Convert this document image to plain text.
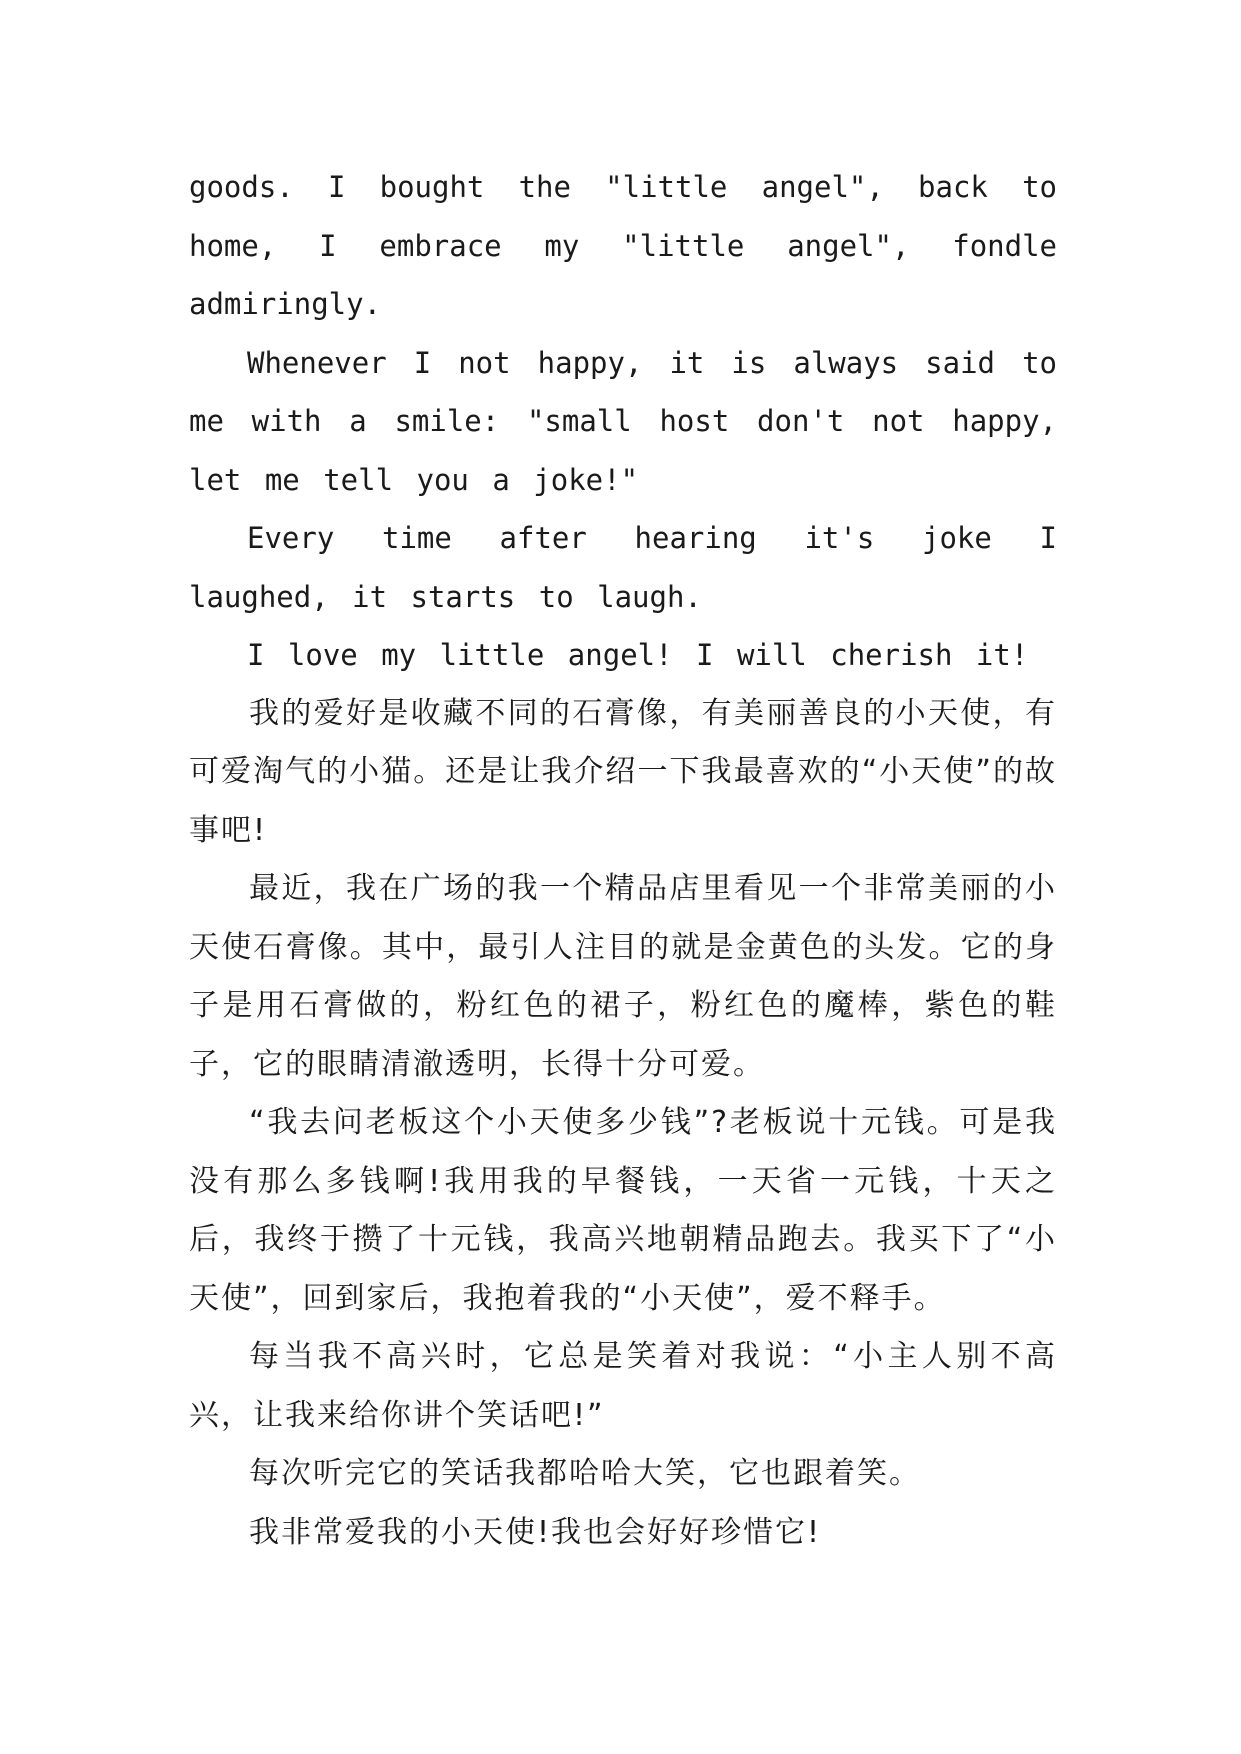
goods. I bought the "little angel", back to home, I embrace my "little angel", fondle admiringly.

Whenever I not happy, it is always said to me with a smile: "small host don't not happy, let me tell you a joke!"

Every time after hearing it's joke I laughed, it starts to laugh.

I love my little angel! I will cherish it!

我的爱好是收藏不同的石膏像，有美丽善良的小天使，有可爱淘气的小猫。还是让我介绍一下我最喜欢的“小天使”的故事吧!

最近，我在广场的我一个精品店里看见一个非常美丽的小天使石膏像。其中，最引人注目的就是金黄色的头发。它的身子是用石膏做的，粉红色的裙子，粉红色的魔棒，紫色的鞋子，它的眼睛清澈透明，长得十分可爱。

“我去问老板这个小天使多少钱”?老板说十元钱。可是我没有那么多钱啊!我用我的早餐钱，一天省一元钱，十天之后，我终于攒了十元钱，我高兴地朝精品跑去。我买下了“小天使”，回到家后，我抱着我的“小天使”，爱不释手。

每当我不高兴时，它总是笑着对我说：“小主人别不高兴，让我来给你讲个笑话吧!”

每次听完它的笑话我都哈哈大笑，它也跟着笑。

我非常爱我的小天使!我也会好好珍惜它!
